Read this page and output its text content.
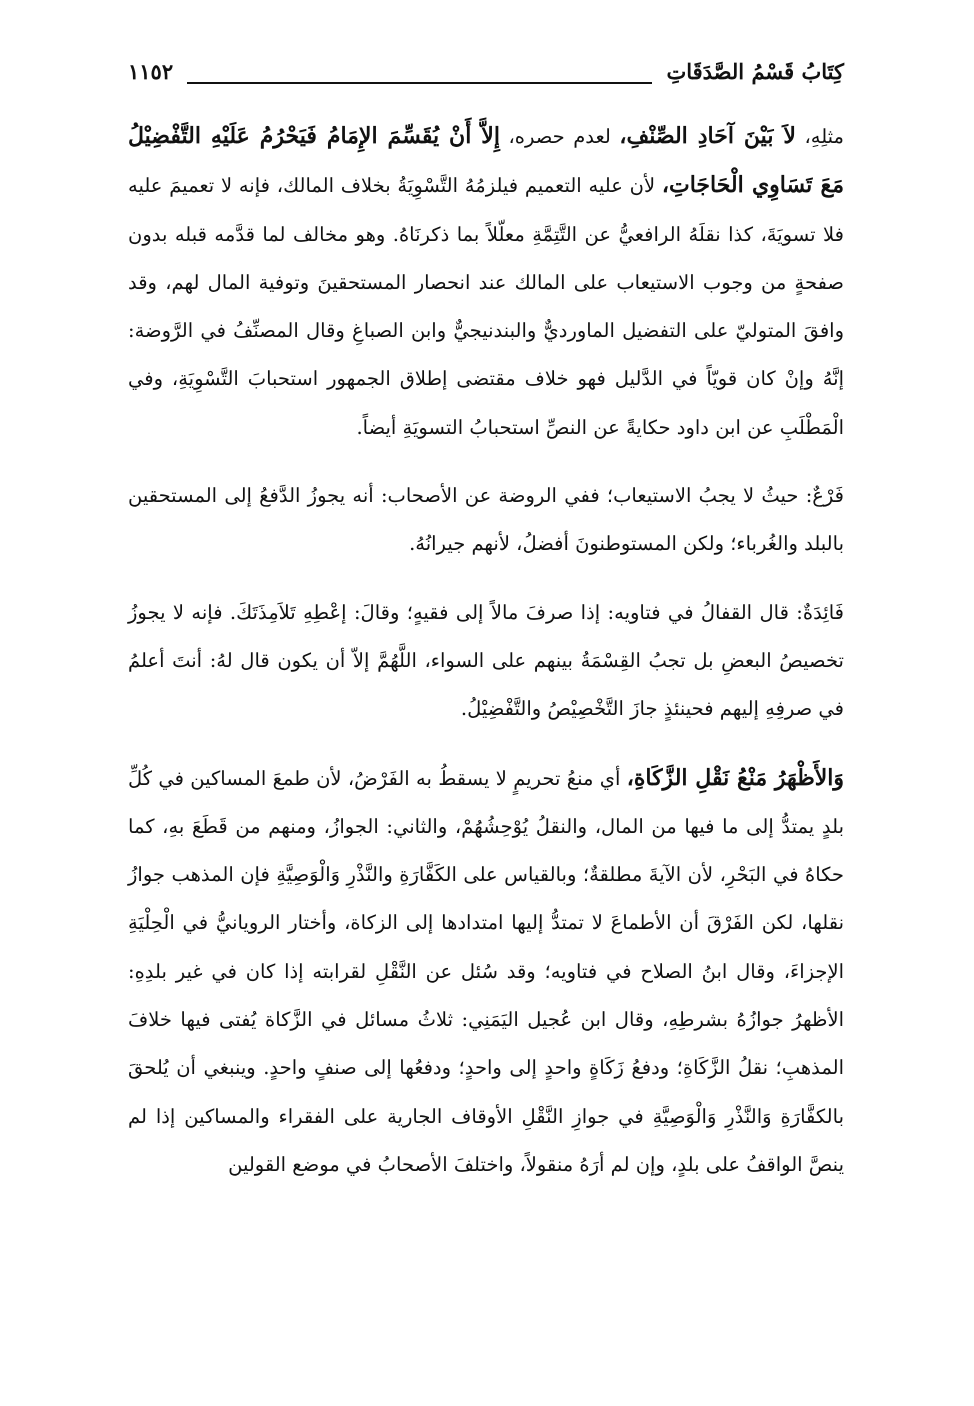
كِتَابُ قَسْمُ الصَّدَقَاتِ
١١٥٢

مثلِهِ، لاَ بَيْنَ آحَادِ الصِّنْفِ، لعدم حصره، إِلاَّ أَنْ يُقَسِّمَ الإِمَامُ فَيَحْرُمُ عَلَيْهِ التَّفْضِيْلُ مَعَ تَسَاوِي الْحَاجَاتِ، لأن عليه التعميم فيلزمُهُ التَّسْوِيَةُ بخلاف المالك، فإنه لا تعميمَ عليه فلا تسويَةَ، كذا نقلَهُ الرافعيُّ عن التَّتِمَّةِ معلّلاً بما ذكرنَاهُ. وهو مخالف لما قدَّمه قبله بدون صفحةٍ من وجوب الاستيعاب على المالك عند انحصار المستحقينَ وتوفية المال لهم، وقد وافقَ المتوليّ على التفضيل الماورديٌّ والبندنيجيٌّ وابن الصباغِ وقال المصنِّفُ في الرَّوضة: إنَّهُ وإنْ كان قويّاً في الدَّليل فهو خلاف مقتضى إطلاق الجمهور استحبابَ التَّسْوِيَةِ، وفي الْمَطْلَبِ عن ابن داود حكايةً عن النصِّ استحبابُ التسويَةِ أيضاً.

فَرْعٌ: حيثُ لا يجبُ الاستيعاب؛ ففي الروضة عن الأصحاب: أنه يجوزُ الدَّفعُ إلى المستحقين بالبلد والغُرباء؛ ولكن المستوطنونَ أفضلُ، لأنهم جيرانُهُ.

فَائِدَةٌ: قال القفالُ في فتاويه: إذا صرفَ مالاً إلى فقيهٍ؛ وقالَ: إعْطِهِ تَلاَمِذَتَكَ. فإنه لا يجوزُ تخصيصُ البعضِ بل تجبُ القِسْمَةُ بينهم على السواء، اللَّهُمَّ إلاّ أن يكون قال لهُ: أنتَ أعلمُ في صرفِهِ إليهم فحينئذٍ جازَ التَّخْصِيْصُ والتَّفْضِيْلُ.

وَالأَظْهَرُ مَنْعُ نَقْلِ الزَّكَاةِ، أي منعُ تحريمٍ لا يسقطُ به الفَرْضُ، لأن طمعَ المساكين في كُلِّ بلدٍ يمتدُّ إلى ما فيها من المال، والنقلُ يُوْحِشُهُمْ، والثاني: الجوازُ، ومنهم من قَطَعَ بهِ، كما حكاهُ في البَحْرِ، لأن الآيةَ مطلقةٌ؛ وبالقياس على الكَفَّارَةِ والنَّذْرِ وَالْوَصِيَّةِ فإن المذهب جوازُ نقلها، لكن الفَرْقَ أن الأطماعَ لا تمتدُّ إليها امتدادها إلى الزكاة، وأختار الرويانيُّ في الْحِلْيَةِ الإجزاءَ، وقال ابنُ الصلاح في فتاويه؛ وقد سُئل عن النَّقْلِ لقرابته إذا كان في غير بلدِهِ: الأظهرُ جوازُهُ بشرطِهِ، وقال ابن عُجيل اليَمَنِي: ثلاثُ مسائل في الزَّكاة يُفتى فيها خلافَ المذهبِ؛ نقلُ الزَّكَاةِ؛ ودفعُ زَكَاةٍ واحدٍ إلى واحدٍ؛ ودفعُها إلى صنفٍ واحدٍ. وينبغي أن يُلحقَ بالكفَّارَةِ وَالنَّذْرِ وَالْوَصِيَّةِ في جوازِ النَّقْلِ الأوقاف الجارية على الفقراء والمساكين إذا لم ينصَّ الواقفُ على بلدٍ، وإن لم أرَهُ منقولاً، واختلفَ الأصحابُ في موضع القولين
